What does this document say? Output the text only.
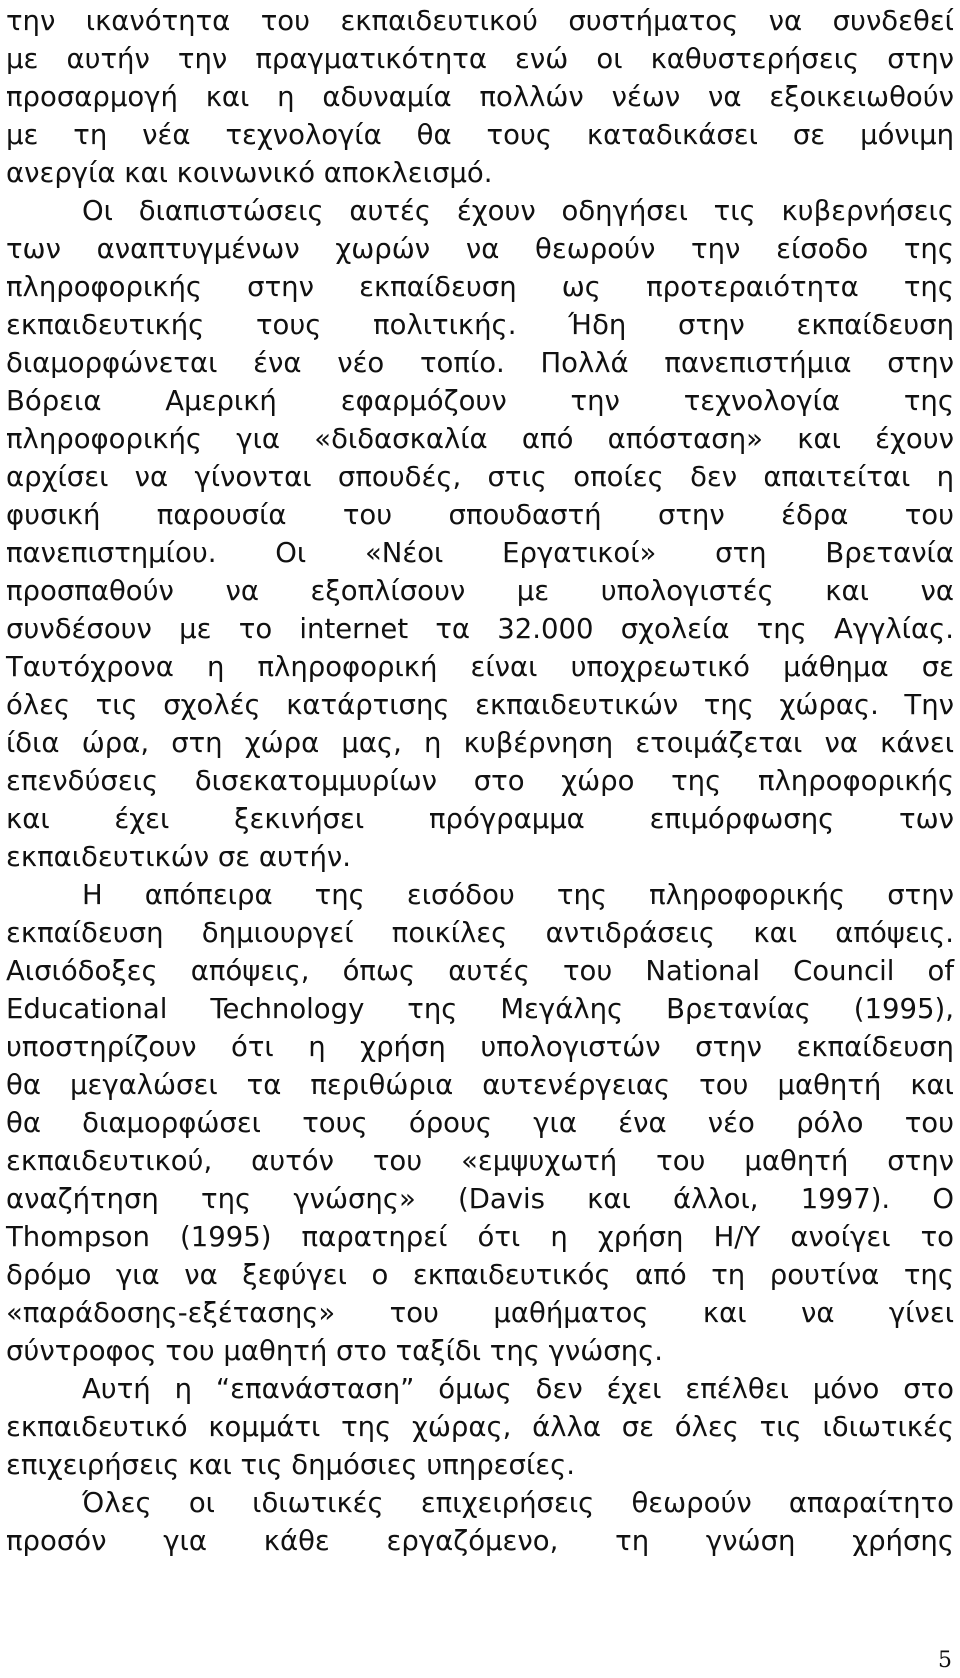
την ικανότητα του εκπαιδευτικού συστήματος να συνδεθεί
με αυτήν την πραγματικότητα ενώ οι καθυστερήσεις στην
προσαρμογή και η αδυναμία πολλών νέων να εξοικειωθούν
με τη νέα τεχνολογία θα τους καταδικάσει σε μόνιμη
ανεργία και κοινωνικό αποκλεισμό.
Οι διαπιστώσεις αυτές έχουν οδηγήσει τις κυβερνήσεις
των αναπτυγμένων χωρών να θεωρούν την είσοδο της
πληροφορικής στην εκπαίδευση ως προτεραιότητα της
εκπαιδευτικής τους πολιτικής. Ήδη στην εκπαίδευση
διαμορφώνεται ένα νέο τοπίο. Πολλά πανεπιστήμια στην
Βόρεια Αμερική εφαρμόζουν την τεχνολογία της
πληροφορικής για «διδασκαλία από απόσταση» και έχουν
αρχίσει να γίνονται σπουδές, στις οποίες δεν απαιτείται η
φυσική παρουσία του σπουδαστή στην έδρα του
πανεπιστημίου. Οι «Νέοι Εργατικοί» στη Βρετανία
προσπαθούν να εξοπλίσουν με υπολογιστές και να
συνδέσουν με το internet τα 32.000 σχολεία της Αγγλίας.
Ταυτόχρονα η πληροφορική είναι υποχρεωτικό μάθημα σε
όλες τις σχολές κατάρτισης εκπαιδευτικών της χώρας. Την
ίδια ώρα, στη χώρα μας, η κυβέρνηση ετοιμάζεται να κάνει
επενδύσεις δισεκατομμυρίων στο χώρο της πληροφορικής
και έχει ξεκινήσει πρόγραμμα επιμόρφωσης των
εκπαιδευτικών σε αυτήν.
Η απόπειρα της εισόδου της πληροφορικής στην
εκπαίδευση δημιουργεί ποικίλες αντιδράσεις και απόψεις.
Αισιόδοξες απόψεις, όπως αυτές του National Council of
Educational Technology της Μεγάλης Βρετανίας (1995),
υποστηρίζουν ότι η χρήση υπολογιστών στην εκπαίδευση
θα μεγαλώσει τα περιθώρια αυτενέργειας του μαθητή και
θα διαμορφώσει τους όρους για ένα νέο ρόλο του
εκπαιδευτικού, αυτόν του «εμψυχωτή του μαθητή στην
αναζήτηση της γνώσης» (Davis και άλλοι, 1997). Ο
Thompson (1995) παρατηρεί ότι η χρήση Η/Υ ανοίγει το
δρόμο για να ξεφύγει ο εκπαιδευτικός από τη ρουτίνα της
«παράδοσης-εξέτασης» του μαθήματος και να γίνει
σύντροφος του μαθητή στο ταξίδι της γνώσης.
Αυτή η “επανάσταση” όμως δεν έχει επέλθει μόνο στο
εκπαιδευτικό κομμάτι της χώρας, άλλα σε όλες τις ιδιωτικές
επιχειρήσεις και τις δημόσιες υπηρεσίες.
Όλες οι ιδιωτικές επιχειρήσεις θεωρούν απαραίτητο
προσόν για κάθε εργαζόμενο, τη γνώση χρήσης
5
